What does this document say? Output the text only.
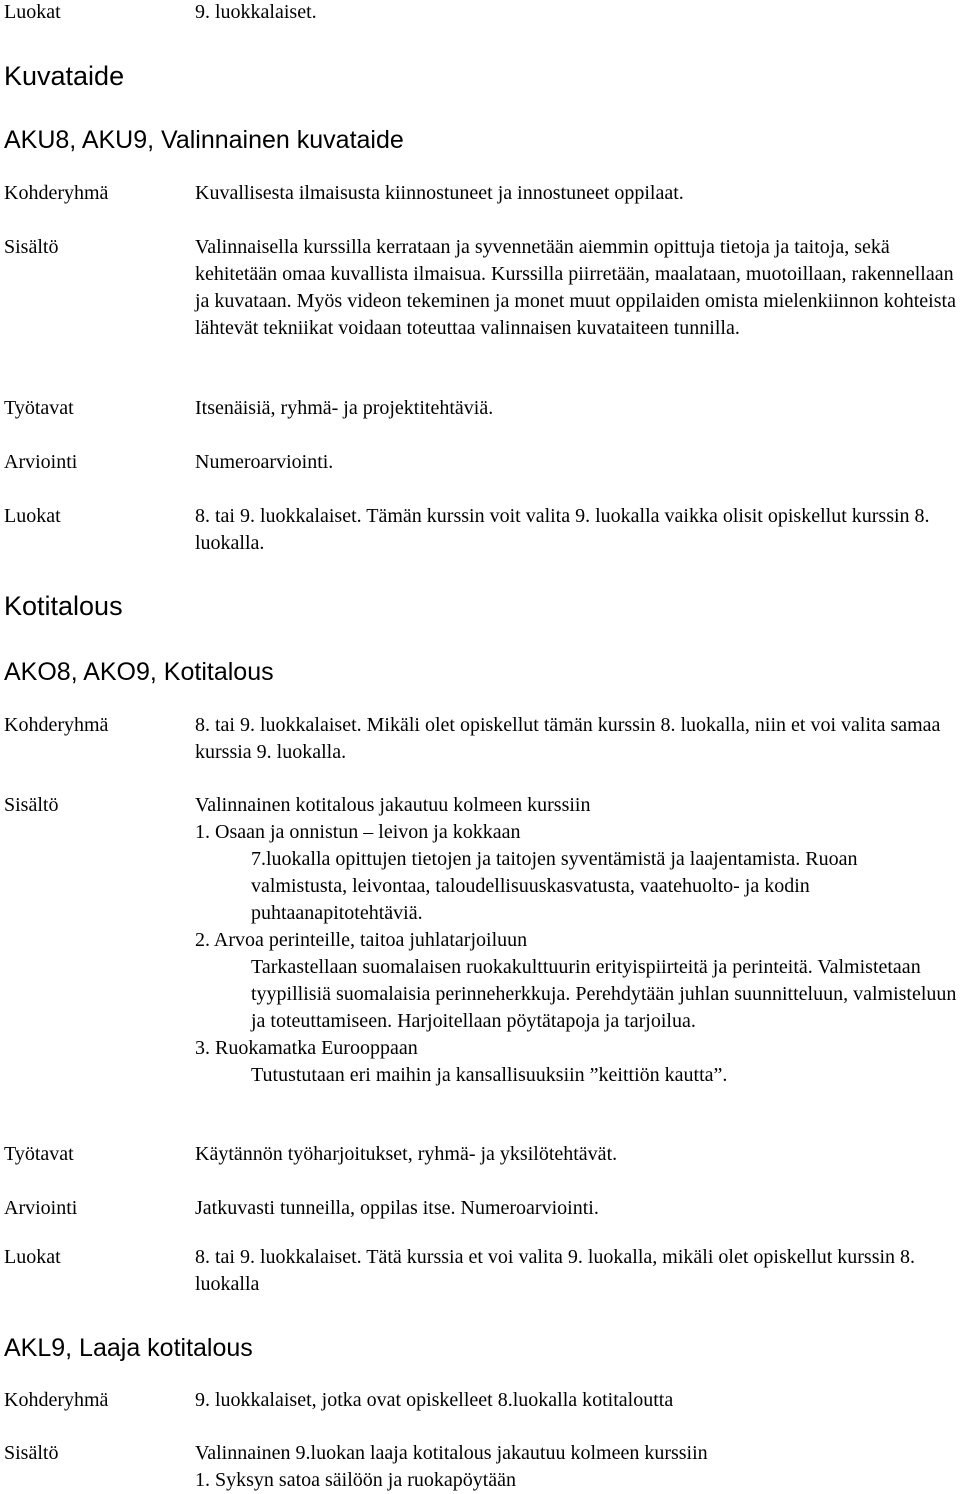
Luokat	9. luokkalaiset.
Kuvataide
AKU8, AKU9, Valinnainen kuvataide
Kohderyhmä	Kuvallisesta ilmaisusta kiinnostuneet ja innostuneet oppilaat.
Sisältö	Valinnaisella kurssilla kerrataan ja syvennetään aiemmin opittuja tietoja ja taitoja, sekä kehitetään omaa kuvallista ilmaisua. Kurssilla piirretään, maalataan, muotoillaan, rakennellaan ja kuvataan. Myös videon tekeminen ja monet muut oppilaiden omista mielenkiinnon kohteista lähtevät tekniikat voidaan toteuttaa valinnaisen kuvataiteen tunnilla.
Työtavat	Itsenäisiä, ryhmä- ja projektitehtäviä.
Arviointi	Numeroarviointi.
Luokat	8. tai 9. luokkalaiset. Tämän kurssin voit valita 9. luokalla vaikka olisit opiskellut kurssin 8. luokalla.
Kotitalous
AKO8, AKO9, Kotitalous
Kohderyhmä	8. tai 9. luokkalaiset. Mikäli olet opiskellut tämän kurssin 8. luokalla, niin et voi valita samaa kurssia 9. luokalla.
Sisältö	Valinnainen kotitalous jakautuu kolmeen kurssiin

1. Osaan ja onnistun – leivon ja kokkaan

7.luokalla opittujen tietojen ja taitojen syventämistä ja laajentamista. Ruoan valmistusta, leivontaa, taloudellisuuskasvatusta, vaatehuolto- ja kodin puhtaanapitotehtäviä.

2. Arvoa perinteille, taitoa juhlatarjoiluun

Tarkastellaan suomalaisen ruokakulttuurin erityispiirteitä ja perinteitä. Valmistetaan tyypillisiä suomalaisia perinneherkkuja. Perehdytään juhlan suunnitteluun, valmisteluun ja toteuttamiseen. Harjoitellaan pöytätapoja ja tarjoilua.

3. Ruokamatka Eurooppaan

Tutustutaan eri maihin ja kansallisuuksiin ”keittiön kautta”.

Työtavat	Käytännön työharjoitukset, ryhmä- ja yksilötehtävät.
Arviointi	Jatkuvasti tunneilla, oppilas itse. Numeroarviointi.
Luokat	8. tai 9. luokkalaiset. Tätä kurssia et voi valita 9. luokalla, mikäli olet opiskellut kurssin 8. luokalla
AKL9, Laaja kotitalous
Kohderyhmä	9. luokkalaiset, jotka ovat opiskelleet 8.luokalla kotitaloutta
Sisältö	Valinnainen 9.luokan laaja kotitalous jakautuu kolmeen kurssiin

1. Syksyn satoa säilöön ja ruokapöytään
